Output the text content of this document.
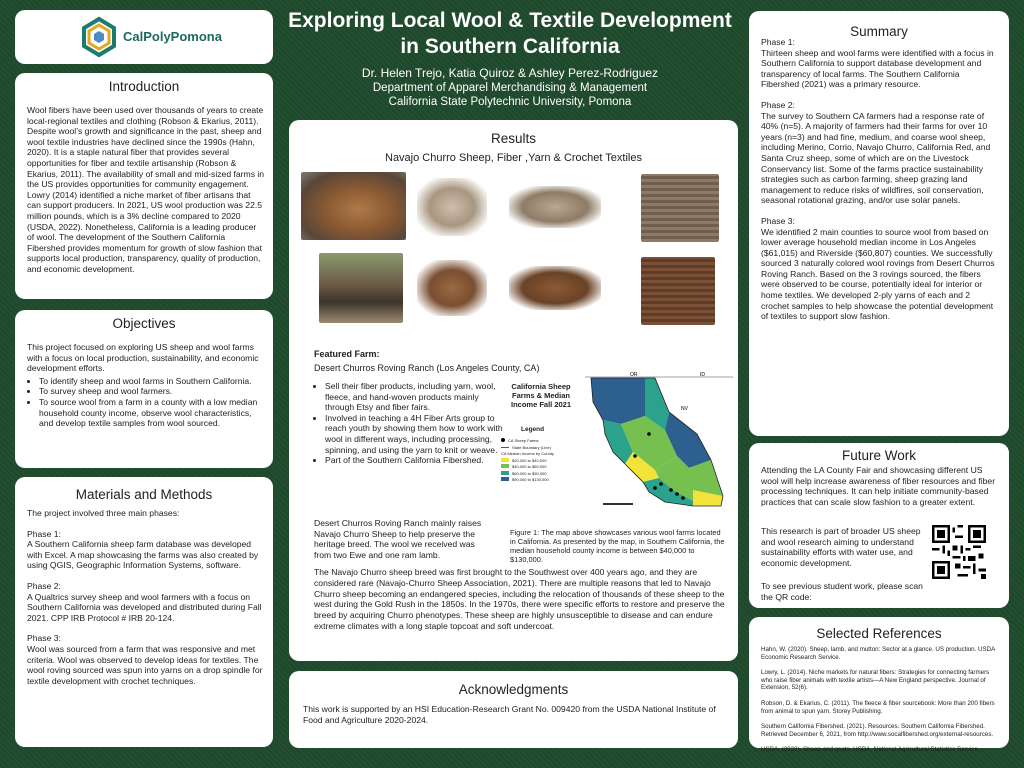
CalPolyPomona
Exploring Local Wool & Textile Development in Southern California
Dr. Helen Trejo, Katia Quiroz & Ashley Perez-Rodriguez
Department of Apparel Merchandising & Management
California State Polytechnic University, Pomona
Introduction

Wool fibers have been used over thousands of years to create local-regional textiles and clothing (Robson & Ekarius, 2011). Despite wool’s growth and significance in the past, sheep and wool textile industries have declined since the 1990s (Hahn, 2020). It is a staple natural fiber that provides several opportunities for fiber and textile artisanship (Robson & Ekarius, 2011). The availability of small and mid-sized farms in the US provides opportunities for community engagement. Lowry (2014) identified a niche market of fiber artisans that can support producers. In 2021, US wool production was 22.5 million pounds, which is a 3% decline compared to 2020 (USDA, 2022). Nonetheless, California is a leading producer of wool. The development of the Southern California Fibershed provides momentum for growth of slow fashion that supports local production, transparency, quality of production, and economic development.

Objectives

This project focused on exploring US sheep and wool farms with a focus on local production, sustainability, and economic development efforts.

• To identify sheep and wool farms in Southern California.
• To survey sheep and wool farmers.
• To source wool from a farm in a county with a low median household county income, observe wool characteristics, and develop textile samples from wool sourced.
Materials and Methods

The project involved three main phases:

Phase 1:
A Southern California sheep farm database was developed with Excel. A map showcasing the farms was also created by using QGIS, Geographic Information Systems, software.

Phase 2:
A Qualtrics survey sheep and wool farmers with a focus on Southern California was developed and distributed during Fall 2021. CPP IRB Protocol # IRB 20-124.

Phase 3:
Wool was sourced from a farm that was responsive and met criteria. Wool was observed to develop ideas for textiles. The wool roving sourced was spun into yarns on a drop spindle for textile development with crochet techniques.

Results
Navajo Churro Sheep, Fiber ,Yarn & Crochet Textiles
Featured Farm:
Desert Churros Roving Ranch (Los Angeles County, CA)
• Sell their fiber products, including yarn, wool, fleece, and hand-woven products mainly through Etsy and fiber fairs.
• Involved in teaching a 4H Fiber Arts group to reach youth by showing them how to work with wool in different ways, including processing, spinning, and using the yarn to knit or weave.
• Part of the Southern California Fibershed.
Desert Churros Roving Ranch mainly raises Navajo Churro Sheep to help preserve the heritage breed. The wool we received was from two Ewe and one ram lamb.
California Sheep Farms & Median Income Fall 2021
Legend
CA Sheep Farms
State Boundary (Line)
CA Median Income by County
$20,000 to $40,000
$40,000 to $60,000
$60,000 to $90,000
$90,000 to $130,000
OR	ID
NV
Figure 1: The map above showcases various wool farms located in California. As presented by the map, in Southern California, the median household county income is between $40,000 to $130,000.
The Navajo Churro sheep breed was first brought to the Southwest over 400 years ago, and they are considered rare (Navajo-Churro Sheep Association, 2021). There are multiple reasons that led to Navajo Churro sheep becoming an endangered species, including the relocation of thousands of these sheep to the west during the Gold Rush in the 1850s. In the 1970s, there were specific efforts to restore and preserve the breed by acquiring Churro phenotypes. These sheep are highly unsusceptible to disease and can endure extreme climates with a long staple topcoat and soft undercoat.
Acknowledgments
This work is supported by an HSI Education-Research Grant No. 009420 from the USDA National Institute of Food and Agriculture 2020-2024.
Summary

Phase 1:
Thirteen sheep and wool farms were identified with a focus in Southern California to support database development and transparency of local farms. The Southern California Fibershed (2021) was a primary resource.

Phase 2:
The survey to Southern CA farmers had a response rate of 40% (n=5). A majority of farmers had their farms for over 10 years (n=3) and had fine, medium, and coarse wool sheep, including Merino, Corrio, Navajo Churro, California Red, and Santa Cruz sheep, some of which are on the Livestock Conservancy list. Some of the farms practice sustainability strategies such as carbon farming, sheep grazing land management to reduce risks of wildfires, soil conservation, seasonal rotational grazing, and/or use solar panels.

Phase 3:
We identified 2 main counties to source wool from based on lower average household median income in Los Angeles ($61,015) and Riverside ($60,807) counties. We successfully sourced 3 naturally colored wool rovings from Desert Churros Roving Ranch. Based on the 3 rovings sourced, the fibers were observed to be course, potentially ideal for interior or home textiles. We developed 2-ply yarns of each and 2 crochet samples to help showcase the potential development of textiles to support slow fashion.

Future Work
Attending the LA County Fair and showcasing different US wool will help increase awareness of fiber resources and fiber processing techniques. It can help initiate community-based practices that can scale slow fashion to a greater extent.
This research is part of broader US sheep and wool research aiming to understand sustainability efforts with water use, and economic development.
To see previous student work, please scan the QR code:
Selected References

Hahn, W. (2020). Sheep, lamb, and mutton: Sector at a glance. US production. USDA Economic Research Service.

Lowry, L. (2014). Niche markets for natural fibers: Strategies for connecting farmers who raise fiber animals with textile artists—A New England perspective. Journal of Extension, 52(6).

Robson, D. & Ekarius, C. (2011). The fleece & fiber sourcebook: More than 200 fibers from animal to spun yarn. Storey Publishing.

Southern California Fibershed. (2021). Resources. Southern California Fibershed. Retrieved December 6, 2021, from http://www.socalfibershed.org/external-resources.

USDA. (2022). Sheep and goats. USDA, National Agricultural Statistics Service.
